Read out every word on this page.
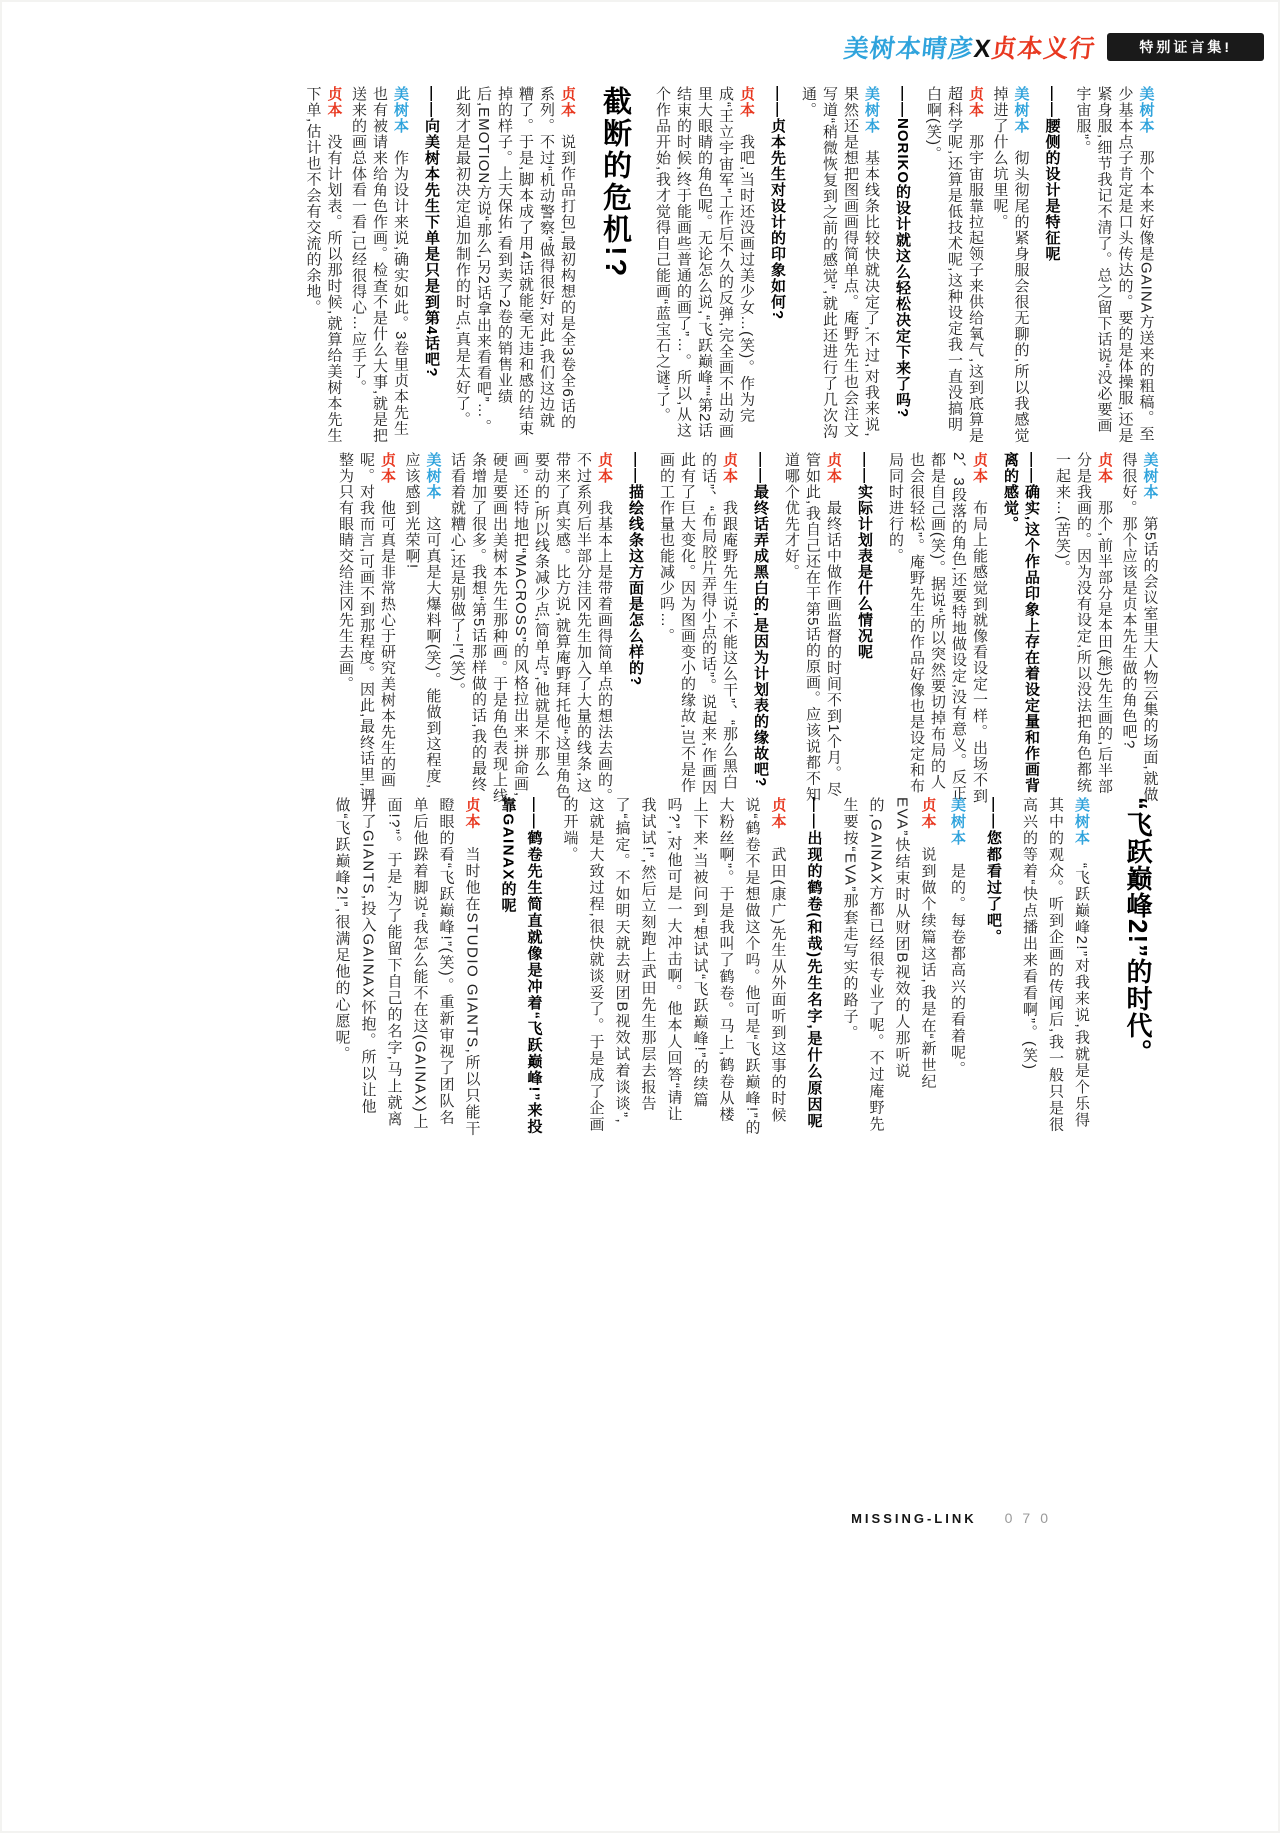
美树本晴彦X贞本义行	特别证言集!

美树本　那个本来好像是GAINA方送来的粗稿。至少基本点子肯定是口头传达的。要的是体操服,还是紧身服,细节我记不清了。总之留下话说“没必要画宇宙服”。

——腰侧的设计是特征呢

美树本　彻头彻尾的紧身服会很无聊的,所以我感觉掉进了什么坑里呢。

贞本　那宇宙服靠拉起领子来供给氧气,这到底算是超科学呢,还算是低技术呢,这种设定我一直没搞明白啊(笑)。

——NORIKO的设计就这么轻松决定下来了吗?

美树本　基本线条比较快就决定了,不过,对我来说,果然还是想把图画画得简单点。庵野先生也会注文写道“稍微恢复到之前的感觉”,就此还进行了几次沟通。

——贞本先生对设计的印象如何?

贞本　我吧,当时还没画过美少女…(笑)。作为完成“王立宇宙军”工作后不久的反弹,完全画不出动画里大眼睛的角色呢。无论怎么说,“飞跃巅峰”“第2话结束的时候,终于能画些普通的画了”…。所以,从这个作品开始,我才觉得自己能画“蓝宝石之谜”了。

截断的危机!?

贞本　说到作品打包,最初构想的是全3卷全6话的系列。不过“机动警察”做得很好,对此,我们这边就糟了。于是,脚本成了用4话就能毫无违和感的结束掉的样子。上天保佑,看到卖了2卷的销售业绩后,EMOTION方说“那么,另2话拿出来看看吧”…。此刻才是最初决定追加制作的时点,真是太好了。

——向美树本先生下单是只是到第4话吧?

美树本　作为设计来说,确实如此。3卷里贞本先生也有被请来给角色作画。检查不是什么大事,就是把送来的画总体看一看,已经很得心…应手了。

贞本　没有计划表。所以那时候,就算给美树本先生下单,估计也不会有交流的余地。

美树本　第5话的会议室里大人物云集的场面,就做得很好。那个应该是贞本先生做的角色吧?

贞本　那个,前半部分是本田(熊)先生画的,后半部分是我画的。因为没有设定,所以没法把角色都统一起来…(苦笑)。

——确实,这个作品印象上存在着设定量和作画背离的感觉。

贞本　布局上能感觉到就像看设定一样。出场不到2、3段落的角色,还要特地做设定,没有意义。反正都是自己画(笑)。据说“所以突然要切掉布局的人也会很轻松”。庵野先生的作品好像也是设定和布局同时进行的。

——实际计划表是什么情况呢

贞本　最终话中做作画监督的时间不到1个月。尽管如此,我自己还在干第5话的原画。应该说都不知道哪个优先才好。

——最终话弄成黑白的,是因为计划表的缘故吧?

贞本　我跟庵野先生说“不能这么干”、“那么黑白的话”、“布局胶片弄得小点的话”。说起来,作画因此有了巨大变化。因为图画变小的缘故,岂不是作画的工作量也能减少吗…。

——描绘线条这方面是怎么样的?

贞本　我基本上是带着画得简单点的想法去画的。不过系列后半部分洼冈先生加入了大量的线条,这带来了真实感。比方说,就算庵野拜托他“这里角色要动的,所以线条减少点,简单点”,他就是不那么画。还特地把“MACROSS”的风格拉出来,拼命画,硬是要画出美树本先生那种画。于是角色表现上线条增加了很多。我想“第5话那样做的话,我的最终话看着就糟心,还是别做了~!”(笑)。

美树本　这可真是大爆料啊(笑)。能做到这程度,应该感到光荣啊!

贞本　他可真是非常热心于研究美树本先生的画呢。对我而言,可画不到那程度。因此,最终话里,调整为只有眼睛交给洼冈先生去画。

“飞跃巅峰2!”的时代。

美树本　“飞跃巅峰2!”对我来说,我就是个乐得其中的观众。听到企画的传闻后,我一般只是很高兴的等着“快点播出来看看啊”。(笑)

——您都看过了吧。

美树本　是的。每卷都高兴的看着呢。

贞本　说到做个续篇这话,我是在“新世纪EVA”快结束时从财团B视效的人那听说的,GAINAX方都已经很专业了呢。不过庵野先生要按“EVA”那套走写实的路子。

——出现的鹤卷(和哉)先生名字,是什么原因呢

贞本　武田(康广)先生从外面听到这事的时候说“鹤卷不是想做这个吗。他可是“飞跃巅峰!”的大粉丝啊”。于是我叫了鹤卷。马上,鹤卷从楼上下来,当被问到“想试试“飞跃巅峰!”的续篇吗?”,对他可是一大冲击啊。他本人回答“请让我试试!”,然后立刻跑上武田先生那层去报告了“搞定。不如明天就去财团B视效试着谈谈”,这就是大致过程,很快就谈妥了。于是成了企画的开端。

——鹤卷先生简直就像是冲着“飞跃巅峰!”来投靠GAINAX的呢

贞本　当时他在STUDIO GIANTS,所以只能干瞪眼的看“飞跃巅峰!”(笑)。重新审视了团队名单后他跺着脚说“我怎么能不在这(GAINAX)上面!?”。于是,为了能留下自己的名字,马上就离开了GIANTS,投入GAINAX怀抱。所以让他做“飞跃巅峰2!”,很满足他的心愿呢。

MISSING-LINK 070
